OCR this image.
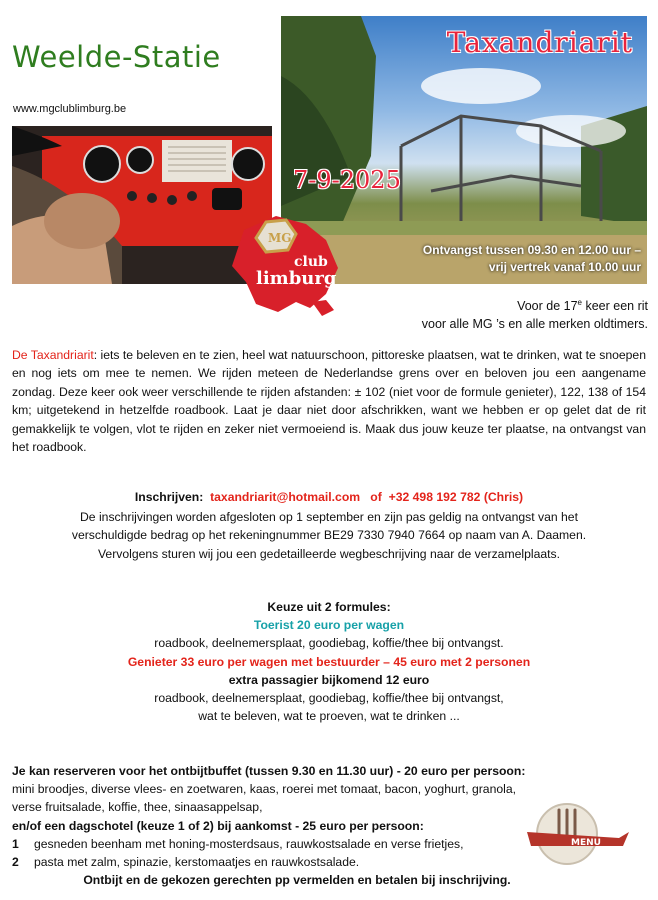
Weelde-Statie
www.mgclublimburg.be
Taxandriarit
7-9-2025
Ontvangst tussen 09.30 en 12.00 uur –
vrij vertrek vanaf 10.00 uur
MG
club
limburg
Voor de 17e keer een rit
voor alle MG ’s en alle merken oldtimers.
De Taxandriarit: iets te beleven en te zien, heel wat natuurschoon, pittoreske plaatsen, wat te drinken, wat te snoepen en nog iets om mee te nemen. We rijden meteen de Nederlandse grens over en beloven jou een aangename zondag. Deze keer ook weer verschillende te rijden afstanden: ± 102 (niet voor de formule genieter), 122, 138 of 154 km; uitgetekend in hetzelfde roadbook. Laat je daar niet door afschrikken, want we hebben er op gelet dat de rit gemakkelijk te volgen, vlot te rijden en zeker niet vermoeiend is. Maak dus jouw keuze ter plaatse, na ontvangst van het roadbook.
Inschrijven: taxandriarit@hotmail.com of +32 498 192 782 (Chris)
De inschrijvingen worden afgesloten op 1 september en zijn pas geldig na ontvangst van het
verschuldigde bedrag op het rekeningnummer BE29 7330 7940 7664 op naam van A. Daamen.
Vervolgens sturen wij jou een gedetailleerde wegbeschrijving naar de verzamelplaats.
Keuze uit 2 formules:
Toerist 20 euro per wagen
roadbook, deelnemersplaat, goodiebag, koffie/thee bij ontvangst.
Genieter 33 euro per wagen met bestuurder – 45 euro met 2 personen
extra passagier bijkomend 12 euro
roadbook, deelnemersplaat, goodiebag, koffie/thee bij ontvangst,
wat te beleven, wat te proeven, wat te drinken ...
Je kan reserveren voor het ontbijtbuffet (tussen 9.30 en 11.30 uur) - 20 euro per persoon:
mini broodjes, diverse vlees- en zoetwaren, kaas, roerei met tomaat, bacon, yoghurt, granola,
verse fruitsalade, koffie, thee, sinaasappelsap,
en/of een dagschotel (keuze 1 of 2) bij aankomst - 25 euro per persoon:
1	gesneden beenham met honing-mosterdsaus, rauwkostsalade en verse frietjes,
2	pasta met zalm, spinazie, kerstomaatjes en rauwkostsalade.
Ontbijt en de gekozen gerechten pp vermelden en betalen bij inschrijving.
MENU
